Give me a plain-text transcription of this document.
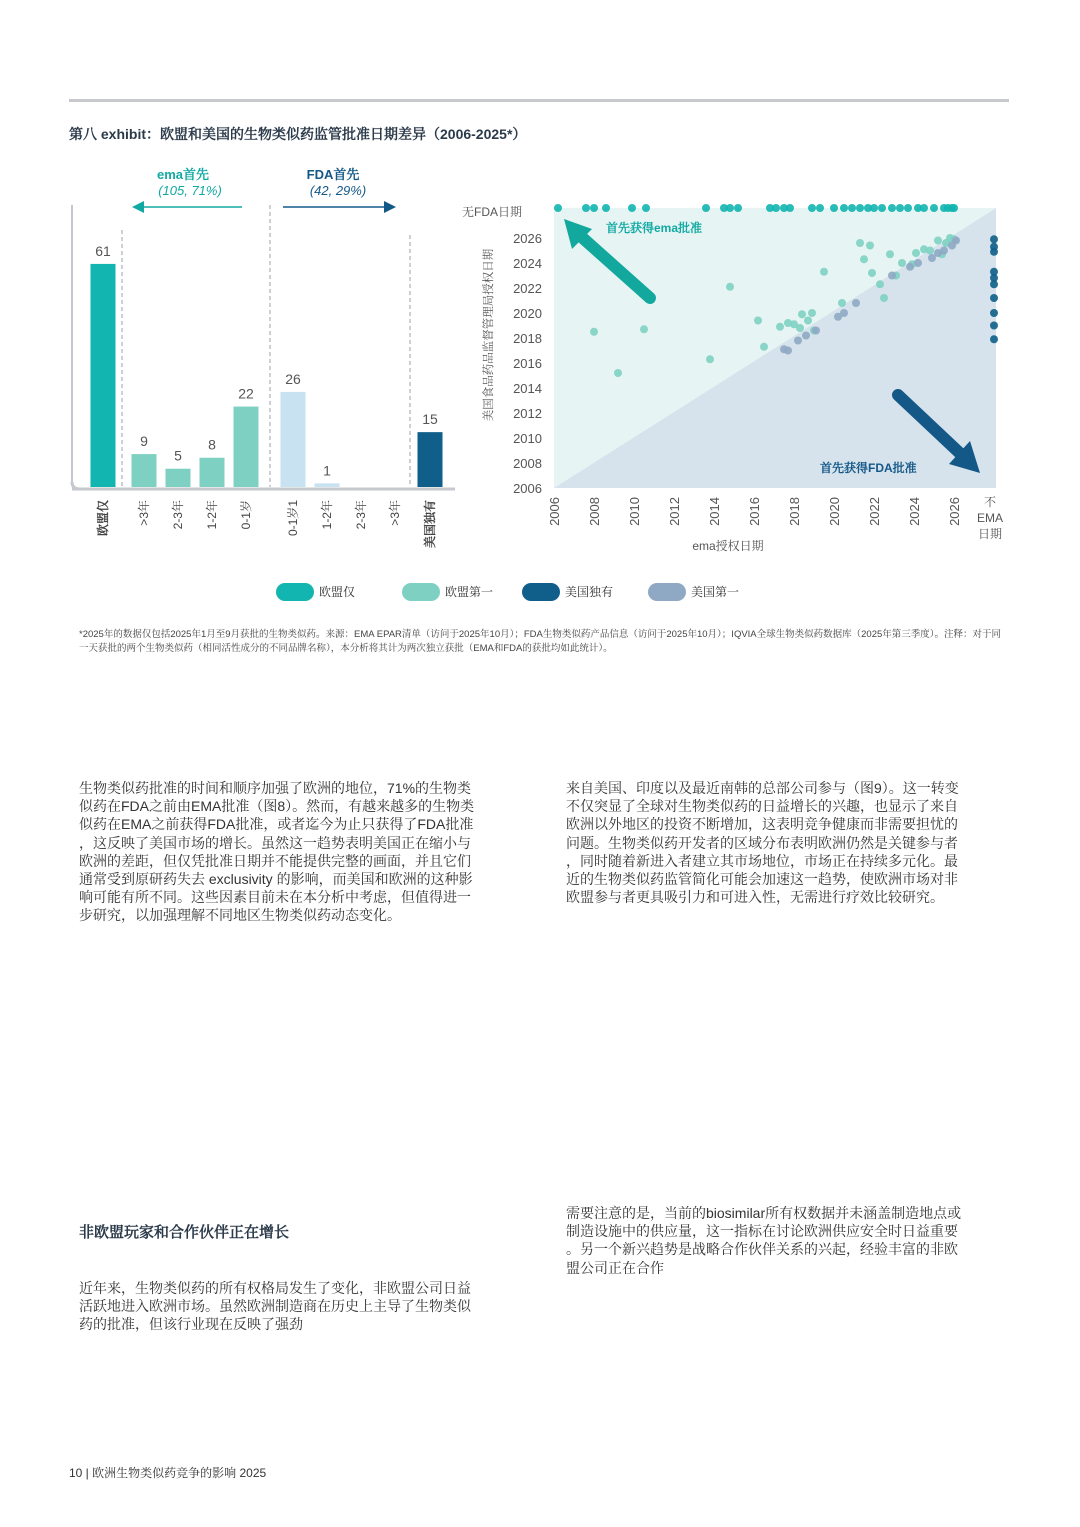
第八 exhibit：欧盟和美国的生物类似药监管批准日期差异（2006-2025*）
ema首先
(105, 71%)
FDA首先
(42, 29%)
61
欧盟仅
9
>3年
5
2-3年
8
1-2年
22
0-1岁
26
0-1岁1
1
1-2年 2-3年 >3年
15
美国独有
无FDA日期
美国食品药品监督管理局授权日期
ema授权日期
2006
2008
2010
2012
2014
2016
2018
2020
2022
2024
2026
2006 2008 2010 2012 2014 2016 2018 2020 2022 2024 2026 不
EMA
日期
首先获得ema批准
首先获得FDA批准
欧盟仅	欧盟第一	美国独有	美国第一
*2025年的数据仅包括2025年1月至9月获批的生物类似药。来源：EMA EPAR清单（访问于2025年10月）；FDA生物类似药产品信息（访问于2025年10月）；IQVIA全球生物类似药数据库（2025年第三季度）。注释：对于同一天获批的两个生物类似药（相同活性成分的不同品牌名称），本分析将其计为两次独立获批（EMA和FDA的获批均如此统计）。
生物类似药批准的时间和顺序加强了欧洲的地位，71%的生物类
似药在FDA之前由EMA批准（图8）。然而，有越来越多的生物类
似药在EMA之前获得FDA批准，或者迄今为止只获得了FDA批准
，这反映了美国市场的增长。虽然这一趋势表明美国正在缩小与
欧洲的差距，但仅凭批准日期并不能提供完整的画面，并且它们
通常受到原研药失去 exclusivity 的影响，而美国和欧洲的这种影
响可能有所不同。这些因素目前未在本分析中考虑，但值得进一
步研究，以加强理解不同地区生物类似药动态变化。
来自美国、印度以及最近南韩的总部公司参与（图9）。这一转变
不仅突显了全球对生物类似药的日益增长的兴趣，也显示了来自
欧洲以外地区的投资不断增加，这表明竞争健康而非需要担忧的
问题。生物类似药开发者的区域分布表明欧洲仍然是关键参与者
，同时随着新进入者建立其市场地位，市场正在持续多元化。最
近的生物类似药监管简化可能会加速这一趋势，使欧洲市场对非
欧盟参与者更具吸引力和可进入性，无需进行疗效比较研究。
非欧盟玩家和合作伙伴正在增长
近年来，生物类似药的所有权格局发生了变化，非欧盟公司日益
活跃地进入欧洲市场。虽然欧洲制造商在历史上主导了生物类似
药的批准，但该行业现在反映了强劲
需要注意的是，当前的biosimilar所有权数据并未涵盖制造地点或
制造设施中的供应量，这一指标在讨论欧洲供应安全时日益重要
。另一个新兴趋势是战略合作伙伴关系的兴起，经验丰富的非欧
盟公司正在合作
10 | 欧洲生物类似药竞争的影响 2025
